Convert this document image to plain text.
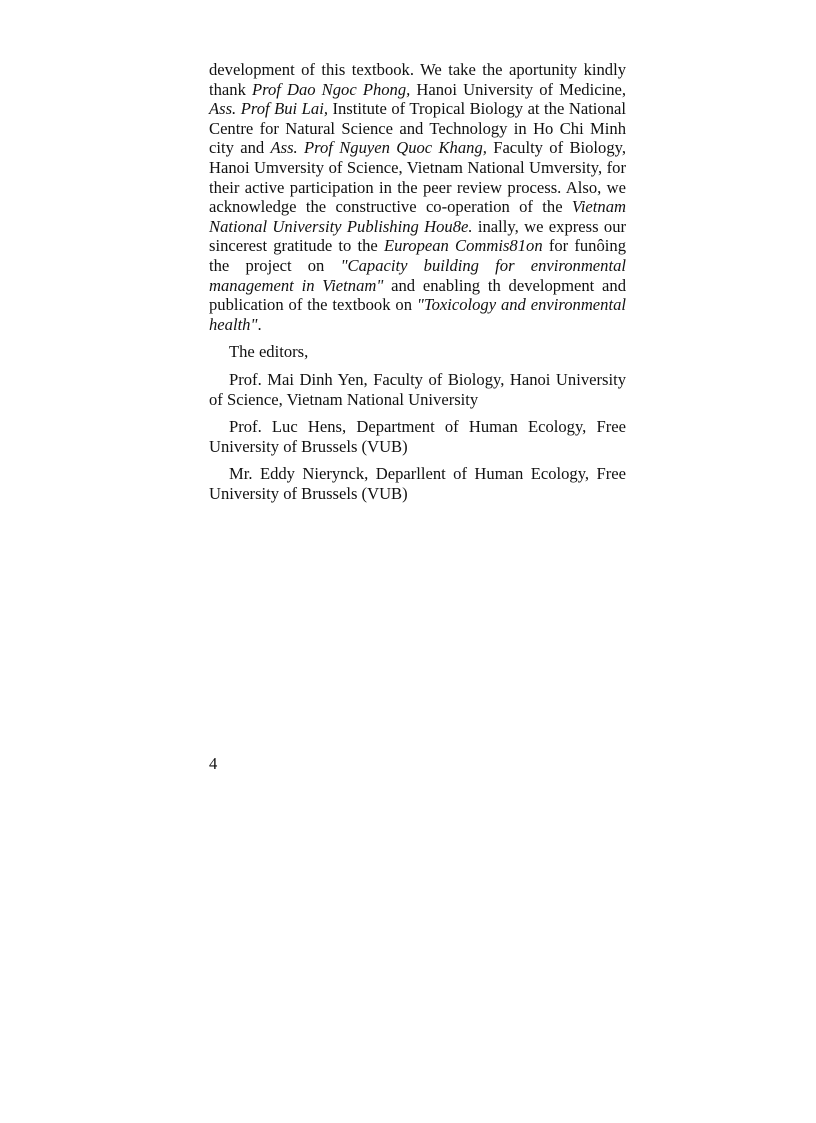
development of this textbook. We take the aportunity kindly thank Prof Dao Ngoc Phong, Hanoi University of Medicine, Ass. Prof Bui Lai, Institute of Tropical Biology at the National Centre for Natural Science and Technology in Ho Chi Minh city and Ass. Prof Nguyen Quoc Khang, Faculty of Biology, Hanoi Umversity of Science, Vietnam National Umversity, for their active participation in the peer review process. Also, we acknowledge the constructive co-operation of the Vietnam National University Publishing Hou8e. inally, we express our sincerest gratitude to the European Commis81on for funôing the project on "Capacity building for environmental management in Vietnam" and enabling th development and publication of the textbook on "Toxicology and environmental health".

The editors,

Prof. Mai Dinh Yen, Faculty of Biology, Hanoi University of Science, Vietnam National University

Prof. Luc Hens, Department of Human Ecology, Free University of Brussels (VUB)

Mr. Eddy Nierynck, Deparllent of Human Ecology, Free University of Brussels (VUB)

4
